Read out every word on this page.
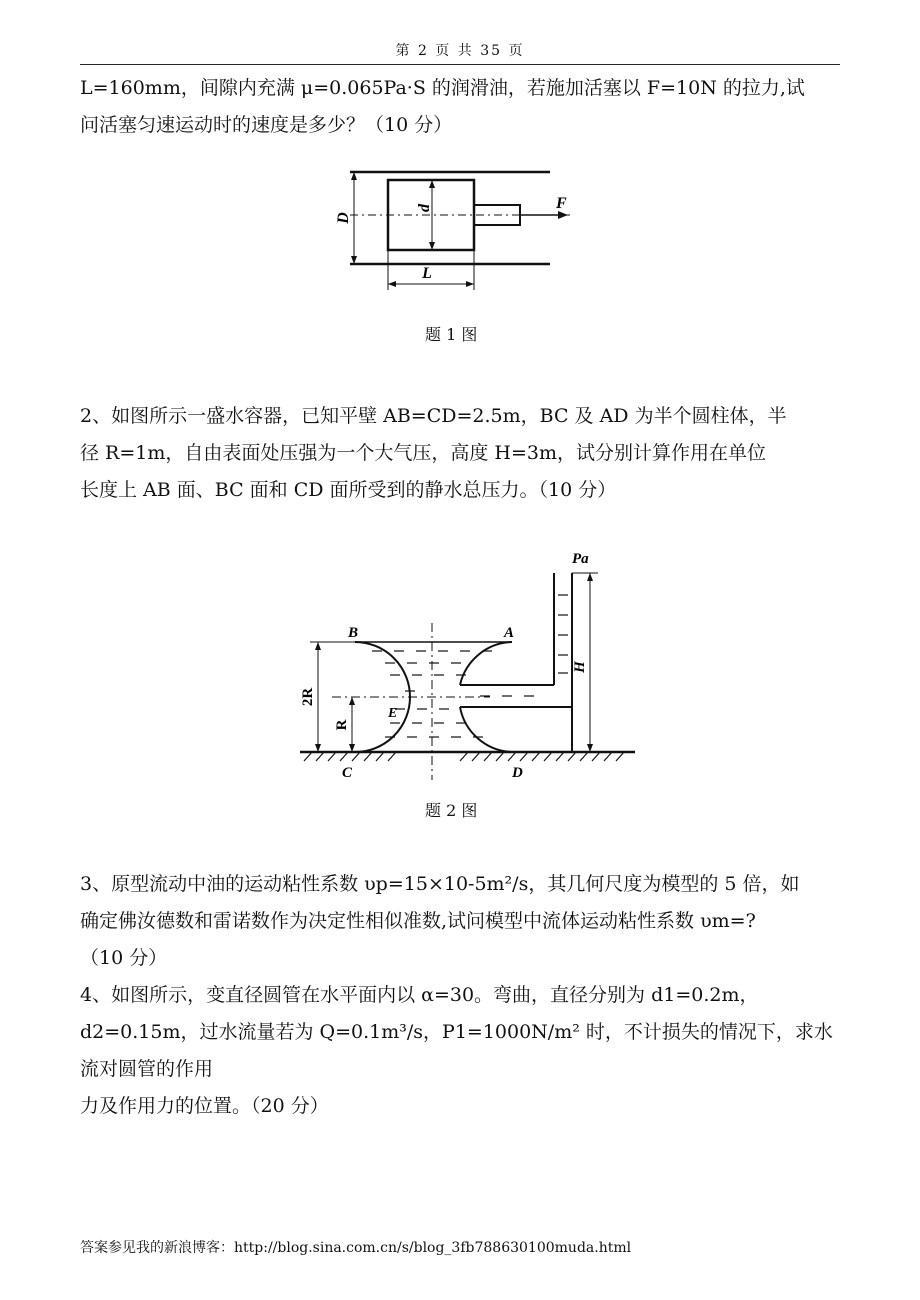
第 2 页 共 35 页
L=160mm，间隙内充满 μ=0.065Pa·S 的润滑油，若施加活塞以 F=10N 的拉力,试
问活塞匀速运动时的速度是多少？（10 分）
D
d	F
L
题 1 图
2、如图所示一盛水容器，已知平壁 AB=CD=2.5m，BC 及 AD 为半个圆柱体，半
径 R=1m，自由表面处压强为一个大气压，高度 H=3m，试分别计算作用在单位
长度上 AB 面、BC 面和 CD 面所受到的静水总压力。（10 分）
Pa
B	A
E
C	D
2R
R
H
题 2 图
3、原型流动中油的运动粘性系数 υp=15×10-5m²/s，其几何尺度为模型的 5 倍，如
确定佛汝德数和雷诺数作为决定性相似准数,试问模型中流体运动粘性系数 υm=?
（10 分）
4、如图所示，变直径圆管在水平面内以 α=30。弯曲，直径分别为 d1=0.2m，
d2=0.15m，过水流量若为 Q=0.1m³/s，P1=1000N/m² 时，不计损失的情况下，求水
流对圆管的作用
力及作用力的位置。（20 分）
答案参见我的新浪博客：http://blog.sina.com.cn/s/blog_3fb788630100muda.html
